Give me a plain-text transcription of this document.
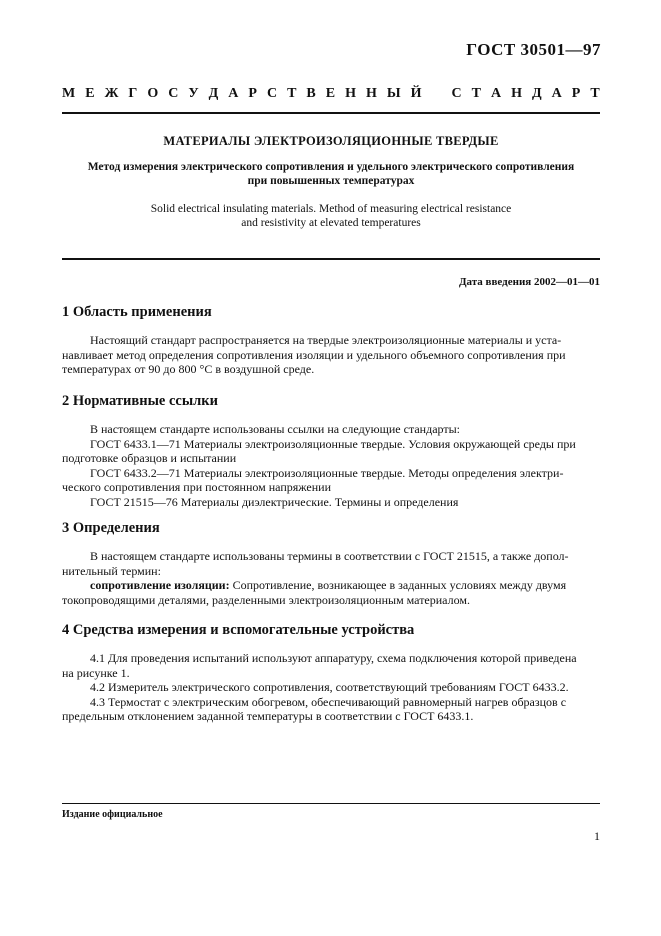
ГОСТ 30501—97
М Е Ж Г О С У Д А Р С Т В Е Н Н Ы Й С Т А Н Д А Р Т
МАТЕРИАЛЫ ЭЛЕКТРОИЗОЛЯЦИОННЫЕ ТВЕРДЫЕ
Метод измерения электрического сопротивления и удельного электрического сопротивления
при повышенных температурах
Solid electrical insulating materials. Method of measuring electrical resistance
and resistivity at elevated temperatures
Дата введения 2002—01—01
1 Область применения
Настоящий стандарт распространяется на твердые электроизоляционные материалы и уста-
навливает метод определения сопротивления изоляции и удельного объемного сопротивления при
температурах от 90 до 800 °С в воздушной среде.
2 Нормативные ссылки
В настоящем стандарте использованы ссылки на следующие стандарты:
ГОСТ 6433.1—71 Материалы электроизоляционные твердые. Условия окружающей среды при
подготовке образцов и испытании
ГОСТ 6433.2—71 Материалы электроизоляционные твердые. Методы определения электри-
ческого сопротивления при постоянном напряжении
ГОСТ 21515—76 Материалы диэлектрические. Термины и определения
3 Определения
В настоящем стандарте использованы термины в соответствии с ГОСТ 21515, а также допол-
нительный термин:
сопротивление изоляции: Сопротивление, возникающее в заданных условиях между двумя
токопроводящими деталями, разделенными электроизоляционным материалом.
4 Средства измерения и вспомогательные устройства
4.1 Для проведения испытаний используют аппаратуру, схема подключения которой приведена
на рисунке 1.
4.2 Измеритель электрического сопротивления, соответствующий требованиям ГОСТ 6433.2.
4.3 Термостат с электрическим обогревом, обеспечивающий равномерный нагрев образцов с
предельным отклонением заданной температуры в соответствии с ГОСТ 6433.1.
Издание официальное
1
